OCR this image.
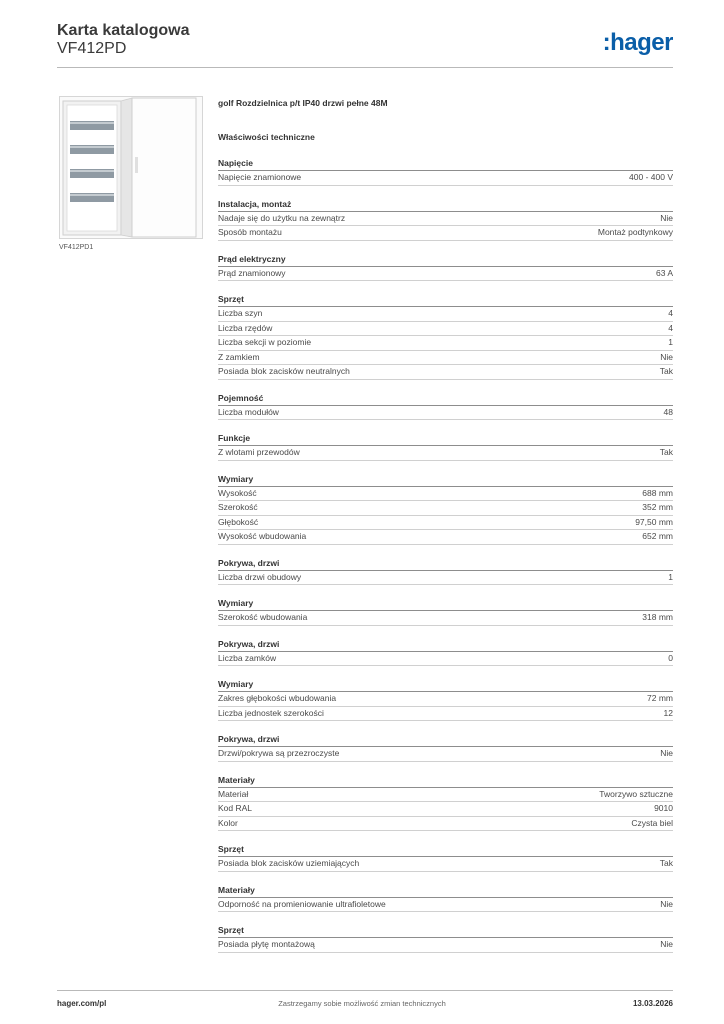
Karta katalogowa
VF412PD	:hager
VF412PD1
golf Rozdzielnica p/t IP40 drzwi pełne 48M
Właściwości techniczne
Napięcie
Napięcie znamionowe	400 - 400 V
Instalacja, montaż
Nadaje się do użytku na zewnątrz	Nie
Sposób montażu	Montaż podtynkowy
Prąd elektryczny
Prąd znamionowy	63 A
Sprzęt
Liczba szyn	4
Liczba rzędów	4
Liczba sekcji w poziomie	1
Z zamkiem	Nie
Posiada blok zacisków neutralnych	Tak
Pojemność
Liczba modułów	48
Funkcje
Z wlotami przewodów	Tak
Wymiary
Wysokość	688 mm
Szerokość	352 mm
Głębokość	97,50 mm
Wysokość wbudowania	652 mm
Pokrywa, drzwi
Liczba drzwi obudowy	1
Wymiary
Szerokość wbudowania	318 mm
Pokrywa, drzwi
Liczba zamków	0
Wymiary
Zakres głębokości wbudowania	72 mm
Liczba jednostek szerokości	12
Pokrywa, drzwi
Drzwi/pokrywa są przezroczyste	Nie
Materiały
Materiał	Tworzywo sztuczne
Kod RAL	9010
Kolor	Czysta biel
Sprzęt
Posiada blok zacisków uziemiających	Tak
Materiały
Odporność na promieniowanie ultrafioletowe	Nie
Sprzęt
Posiada płytę montażową	Nie
hager.com/pl	Zastrzegamy sobie możliwość zmian technicznych	13.03.2026
